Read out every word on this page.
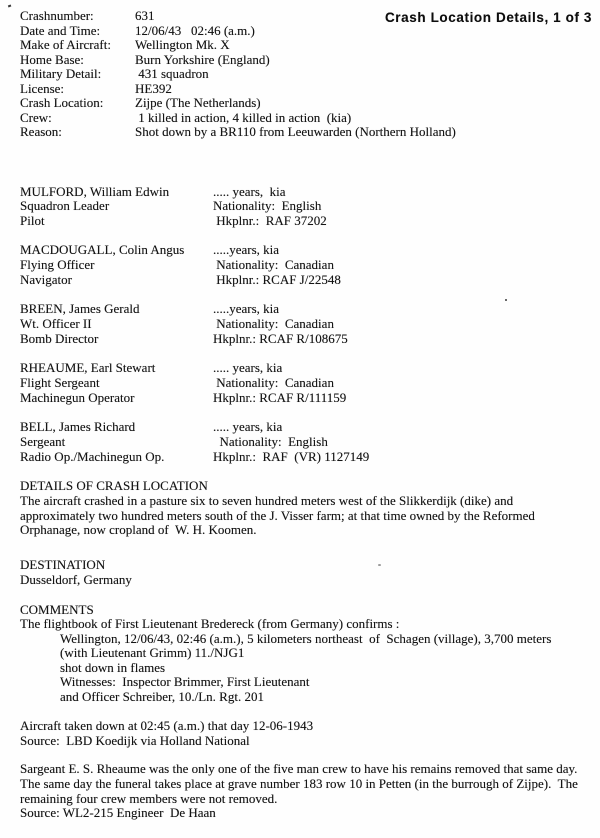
Crash Location Details, 1 of 3
Crashnumber:	631
Date and Time:	12/06/43   02:46 (a.m.)
Make of Aircraft:	Wellington Mk. X
Home Base:	Burn Yorkshire (England)
Military Detail:	431 squadron
License:	HE392
Crash Location:	Zijpe (The Netherlands)
Crew:	1 killed in action, 4 killed in action  (kia)
Reason:	Shot down by a BR110 from Leeuwarden (Northern Holland)
MULFORD, William Edwin	..... years,  kia
Squadron Leader	Nationality:  English
Pilot	Hkplnr.:  RAF 37202
MACDOUGALL, Colin Angus	.....years, kia
Flying Officer	Nationality:  Canadian
Navigator	Hkplnr.: RCAF J/22548
BREEN, James Gerald	.....years, kia
Wt. Officer II	Nationality:  Canadian
Bomb Director	Hkplnr.: RCAF R/108675
RHEAUME, Earl Stewart	..... years, kia
Flight Sergeant	Nationality:  Canadian
Machinegun Operator	Hkplnr.: RCAF R/111159
BELL, James Richard	..... years, kia
Sergeant	Nationality:  English
Radio Op./Machinegun Op.	Hkplnr.:  RAF  (VR) 1127149
DETAILS OF CRASH LOCATION
The aircraft crashed in a pasture six to seven hundred meters west of the Slikkerdijk (dike) and
approximately two hundred meters south of the J. Visser farm; at that time owned by the Reformed
Orphanage, now cropland of  W. H. Koomen.
DESTINATION
Dusseldorf, Germany
COMMENTS
The flightbook of First Lieutenant Bredereck (from Germany) confirms :
Wellington, 12/06/43, 02:46 (a.m.), 5 kilometers northeast  of  Schagen (village), 3,700 meters
(with Lieutenant Grimm) 11./NJG1
shot down in flames
Witnesses:  Inspector Brimmer, First Lieutenant
and Officer Schreiber, 10./Ln. Rgt. 201
Aircraft taken down at 02:45 (a.m.) that day 12-06-1943
Source:  LBD Koedijk via Holland National
Sargeant E. S. Rheaume was the only one of the five man crew to have his remains removed that same day.
The same day the funeral takes place at grave number 183 row 10 in Petten (in the burrough of Zijpe).  The
remaining four crew members were not removed.
Source: WL2-215 Engineer  De Haan
